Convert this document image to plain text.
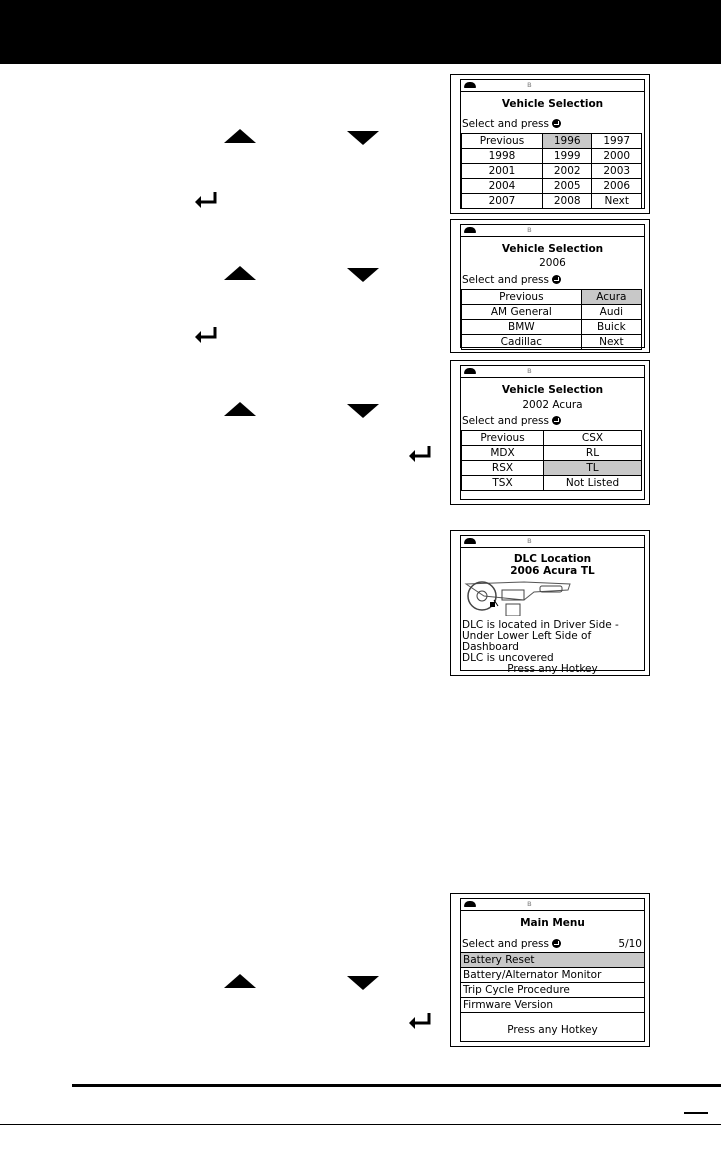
ʙ
Vehicle Selection
Select and press
Previous	1996	1997
1998	1999	2000
2001	2002	2003
2004	2005	2006
2007	2008	Next
ʙ
Vehicle Selection
2006
Select and press
Previous	Acura
AM General	Audi
BMW	Buick
Cadillac	Next
ʙ
Vehicle Selection
2002 Acura
Select and press
Previous	CSX
MDX	RL
RSX	TL
TSX	Not Listed
ʙ
DLC Location
2006 Acura TL
DLC is located in Driver Side -
Under Lower Left Side of
Dashboard
DLC is uncovered
Press any Hotkey
ʙ
Main Menu
Select and press	5/10
Battery Reset
Battery/Alternator Monitor
Trip Cycle Procedure
Firmware Version
Press any Hotkey
